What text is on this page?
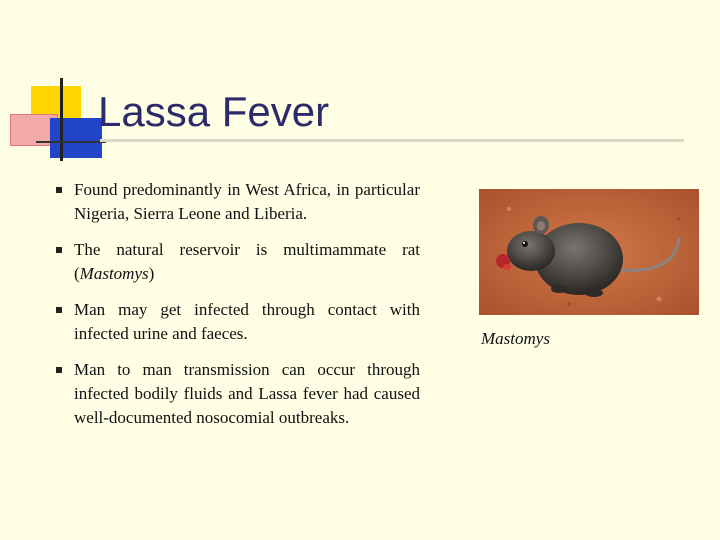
Lassa Fever
Found predominantly in West Africa, in particular Nigeria, Sierra Leone and Liberia.
The natural reservoir is multimammate rat (Mastomys)
Man may get infected through contact with infected urine and faeces.
Man to man transmission can occur through infected bodily fluids and Lassa fever had caused well-documented nosocomial outbreaks.
Mastomys
